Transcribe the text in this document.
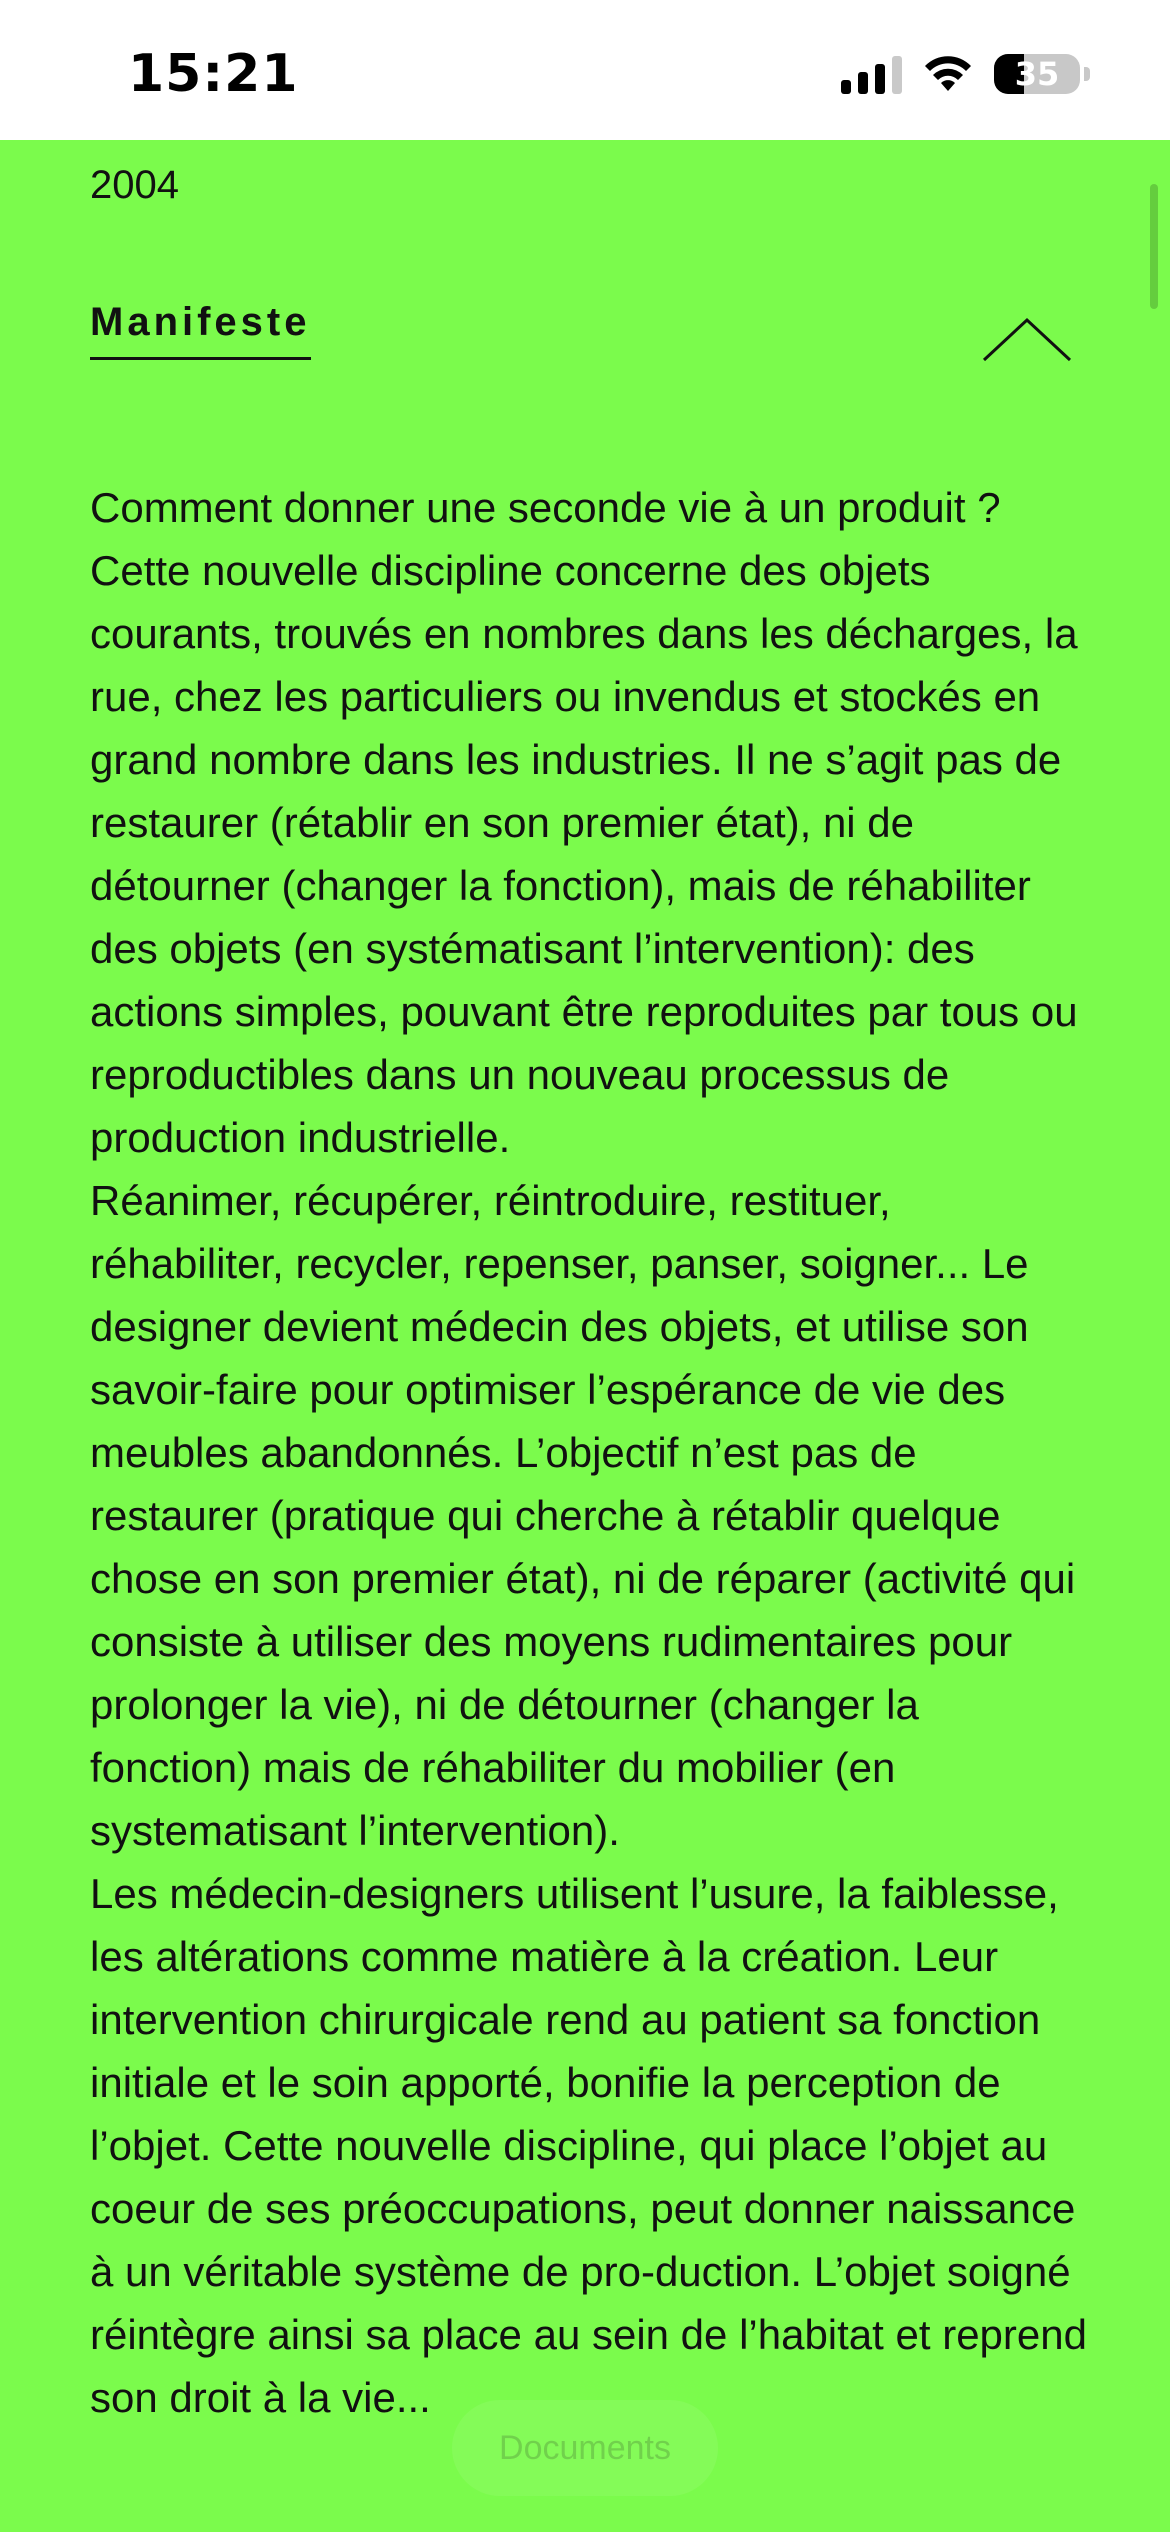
15:21	35
2004
Manifeste

Comment donner une seconde vie à un produit ? Cette nouvelle discipline concerne des objets courants, trouvés en nombres dans les décharges, la rue, chez les particuliers ou invendus et stockés en grand nombre dans les industries. Il ne s’agit pas de restaurer (rétablir en son premier état), ni de détourner (changer la fonction), mais de réhabiliter des objets (en systématisant l’intervention): des actions simples, pouvant être reproduites par tous ou reproductibles dans un nouveau processus de production industrielle.

Réanimer, récupérer, réintroduire, restituer, réhabiliter, recycler, repenser, panser, soigner... Le designer devient médecin des objets, et utilise son savoir-faire pour optimiser l’espérance de vie des meubles abandonnés. L’objectif n’est pas de restaurer (pratique qui cherche à rétablir quelque chose en son premier état), ni de réparer (activité qui consiste à utiliser des moyens rudimentaires pour prolonger la vie), ni de détourner (changer la fonction) mais de réhabiliter du mobilier (en systematisant l’intervention).

Les médecin-designers utilisent l’usure, la faiblesse, les altérations comme matière à la création. Leur intervention chirurgicale rend au patient sa fonction initiale et le soin apporté, bonifie la perception de l’objet. Cette nouvelle discipline, qui place l’objet au coeur de ses préoccupations, peut donner naissance à un véritable système de pro-duction. L’objet soigné réintègre ainsi sa place au sein de l’habitat et reprend son droit à la vie...

Documents
